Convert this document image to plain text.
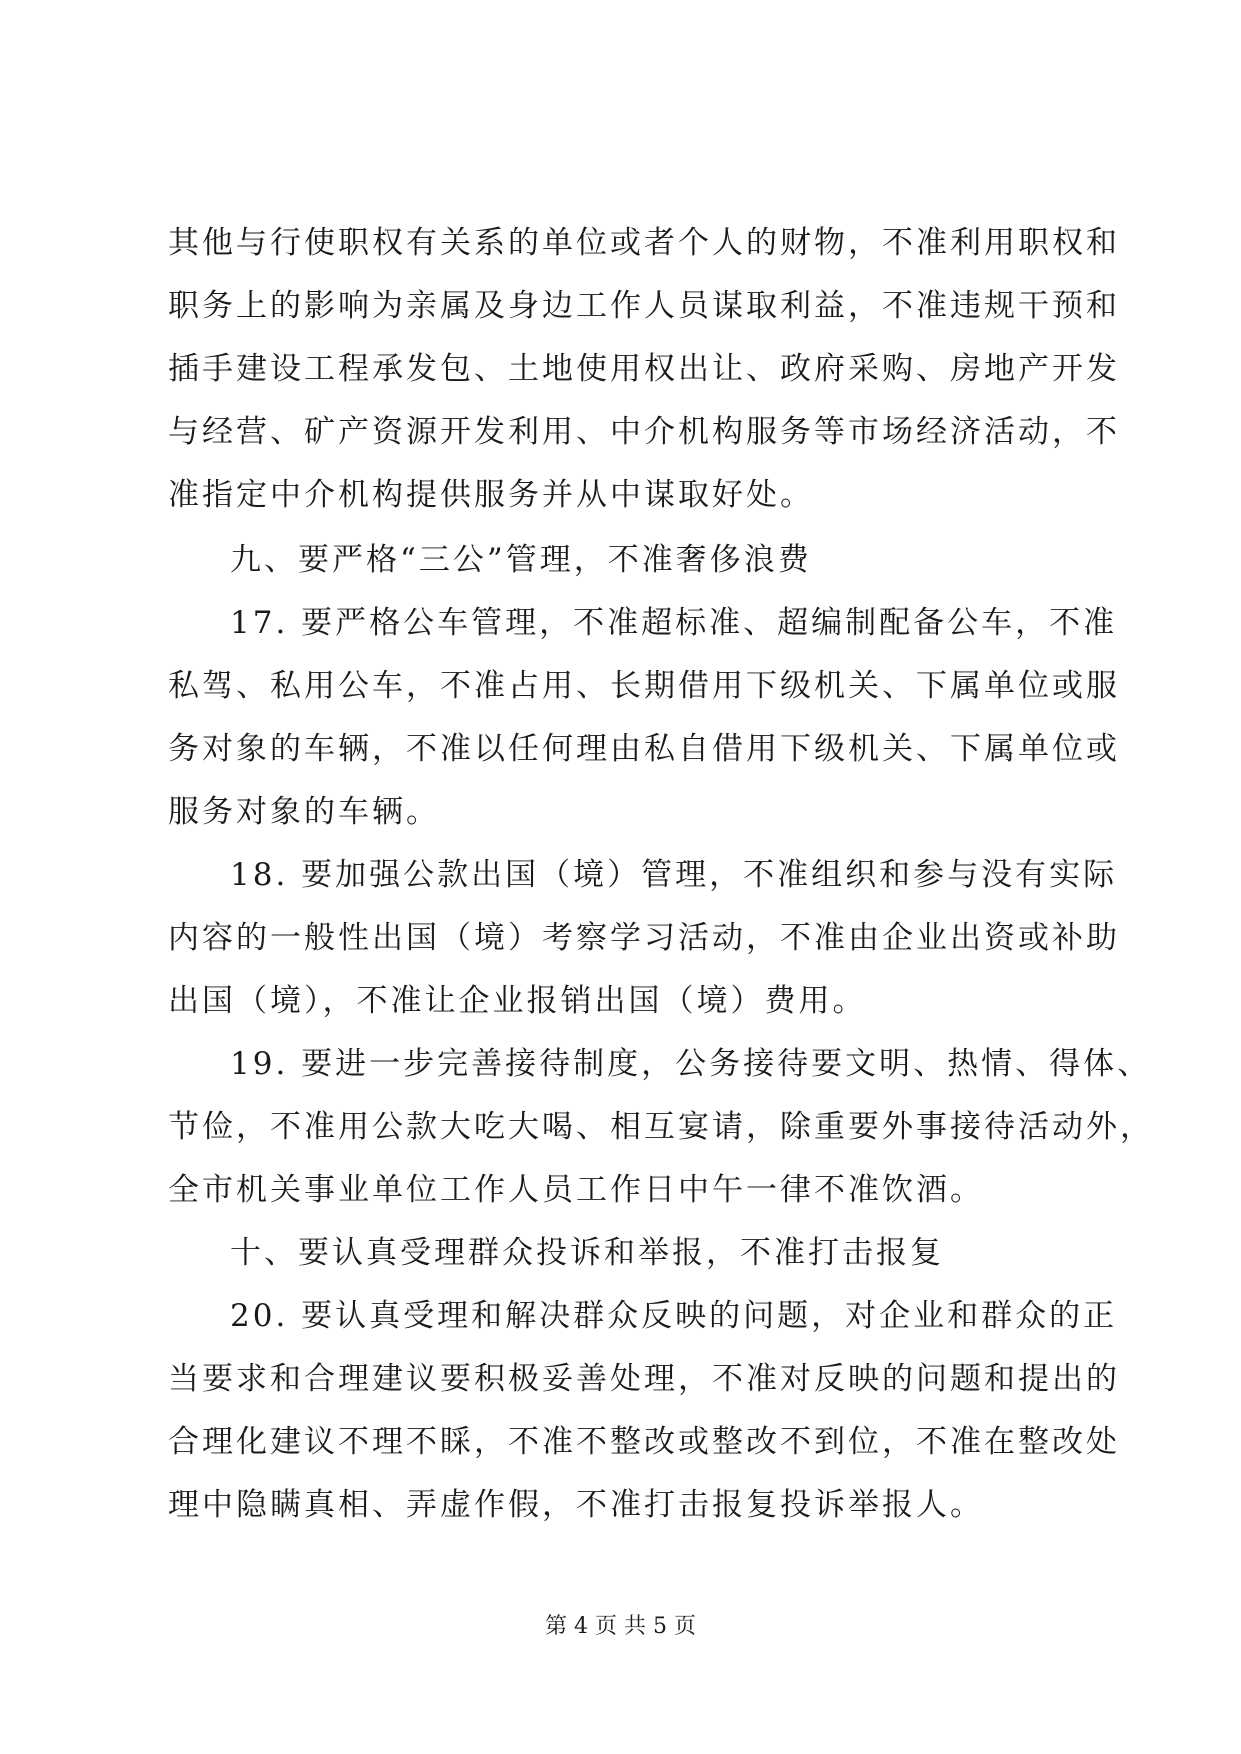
其他与行使职权有关系的单位或者个人的财物，不准利用职权和
职务上的影响为亲属及身边工作人员谋取利益，不准违规干预和
插手建设工程承发包、土地使用权出让、政府采购、房地产开发
与经营、矿产资源开发利用、中介机构服务等市场经济活动，不
准指定中介机构提供服务并从中谋取好处。
九、要严格“三公”管理，不准奢侈浪费
17. 要严格公车管理，不准超标准、超编制配备公车，不准
私驾、私用公车，不准占用、长期借用下级机关、下属单位或服
务对象的车辆，不准以任何理由私自借用下级机关、下属单位或
服务对象的车辆。
18. 要加强公款出国（境）管理，不准组织和参与没有实际
内容的一般性出国（境）考察学习活动，不准由企业出资或补助
出国（境），不准让企业报销出国（境）费用。
19. 要进一步完善接待制度，公务接待要文明、热情、得体、
节俭，不准用公款大吃大喝、相互宴请，除重要外事接待活动外，
全市机关事业单位工作人员工作日中午一律不准饮酒。
十、要认真受理群众投诉和举报，不准打击报复
20. 要认真受理和解决群众反映的问题，对企业和群众的正
当要求和合理建议要积极妥善处理，不准对反映的问题和提出的
合理化建议不理不睬，不准不整改或整改不到位，不准在整改处
理中隐瞒真相、弄虚作假，不准打击报复投诉举报人。
第 4 页 共 5 页
